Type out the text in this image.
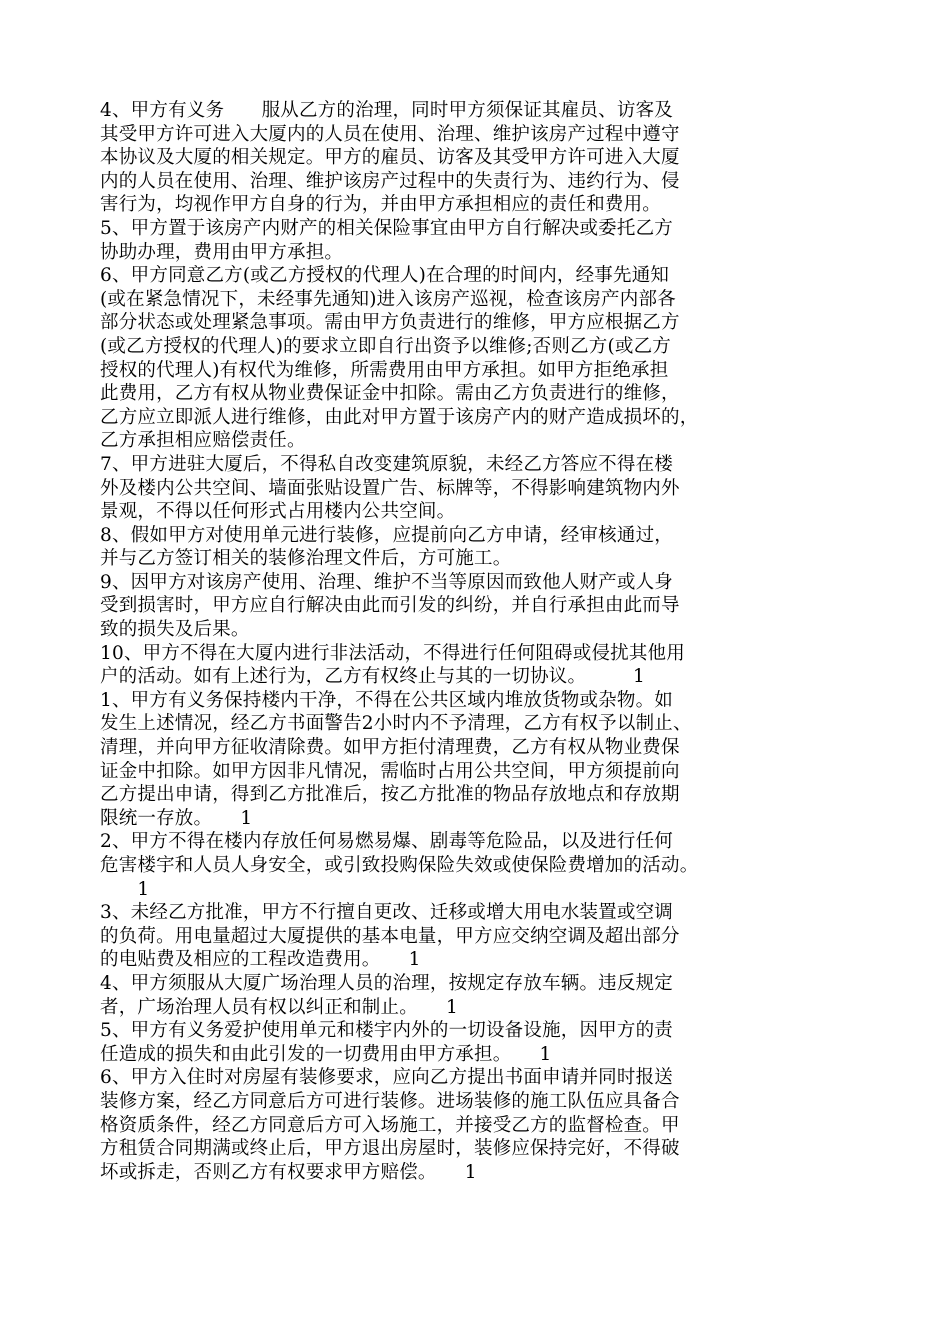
4、甲方有义务　　服从乙方的治理，同时甲方须保证其雇员、访客及
其受甲方许可进入大厦内的人员在使用、治理、维护该房产过程中遵守
本协议及大厦的相关规定。甲方的雇员、访客及其受甲方许可进入大厦
内的人员在使用、治理、维护该房产过程中的失责行为、违约行为、侵
害行为，均视作甲方自身的行为，并由甲方承担相应的责任和费用。
5、甲方置于该房产内财产的相关保险事宜由甲方自行解决或委托乙方
协助办理，费用由甲方承担。
6、甲方同意乙方(或乙方授权的代理人)在合理的时间内，经事先通知
(或在紧急情况下，未经事先通知)进入该房产巡视，检查该房产内部各
部分状态或处理紧急事项。需由甲方负责进行的维修，甲方应根据乙方
(或乙方授权的代理人)的要求立即自行出资予以维修;否则乙方(或乙方
授权的代理人)有权代为维修，所需费用由甲方承担。如甲方拒绝承担
此费用，乙方有权从物业费保证金中扣除。需由乙方负责进行的维修，
乙方应立即派人进行维修，由此对甲方置于该房产内的财产造成损坏的，
乙方承担相应赔偿责任。
7、甲方进驻大厦后，不得私自改变建筑原貌，未经乙方答应不得在楼
外及楼内公共空间、墙面张贴设置广告、标牌等，不得影响建筑物内外
景观，不得以任何形式占用楼内公共空间。
8、假如甲方对使用单元进行装修，应提前向乙方申请，经审核通过，
并与乙方签订相关的装修治理文件后，方可施工。
9、因甲方对该房产使用、治理、维护不当等原因而致他人财产或人身
受到损害时，甲方应自行解决由此而引发的纠纷，并自行承担由此而导
致的损失及后果。
10、甲方不得在大厦内进行非法活动，不得进行任何阻碍或侵扰其他用
户的活动。如有上述行为，乙方有权终止与其的一切协议。　　　1
1、甲方有义务保持楼内干净，不得在公共区域内堆放货物或杂物。如
发生上述情况，经乙方书面警告2小时内不予清理，乙方有权予以制止、
清理，并向甲方征收清除费。如甲方拒付清理费，乙方有权从物业费保
证金中扣除。如甲方因非凡情况，需临时占用公共空间，甲方须提前向
乙方提出申请，得到乙方批准后，按乙方批准的物品存放地点和存放期
限统一存放。　　1
2、甲方不得在楼内存放任何易燃易爆、剧毒等危险品，以及进行任何
危害楼宇和人员人身安全，或引致投购保险失效或使保险费增加的活动。
　　1
3、未经乙方批准，甲方不行擅自更改、迁移或增大用电水装置或空调
的负荷。用电量超过大厦提供的基本电量，甲方应交纳空调及超出部分
的电贴费及相应的工程改造费用。　　1
4、甲方须服从大厦广场治理人员的治理，按规定存放车辆。违反规定
者，广场治理人员有权以纠正和制止。　　1
5、甲方有义务爱护使用单元和楼宇内外的一切设备设施，因甲方的责
任造成的损失和由此引发的一切费用由甲方承担。　　1
6、甲方入住时对房屋有装修要求，应向乙方提出书面申请并同时报送
装修方案，经乙方同意后方可进行装修。进场装修的施工队伍应具备合
格资质条件，经乙方同意后方可入场施工，并接受乙方的监督检查。甲
方租赁合同期满或终止后，甲方退出房屋时，装修应保持完好，不得破
坏或拆走，否则乙方有权要求甲方赔偿。　　1
